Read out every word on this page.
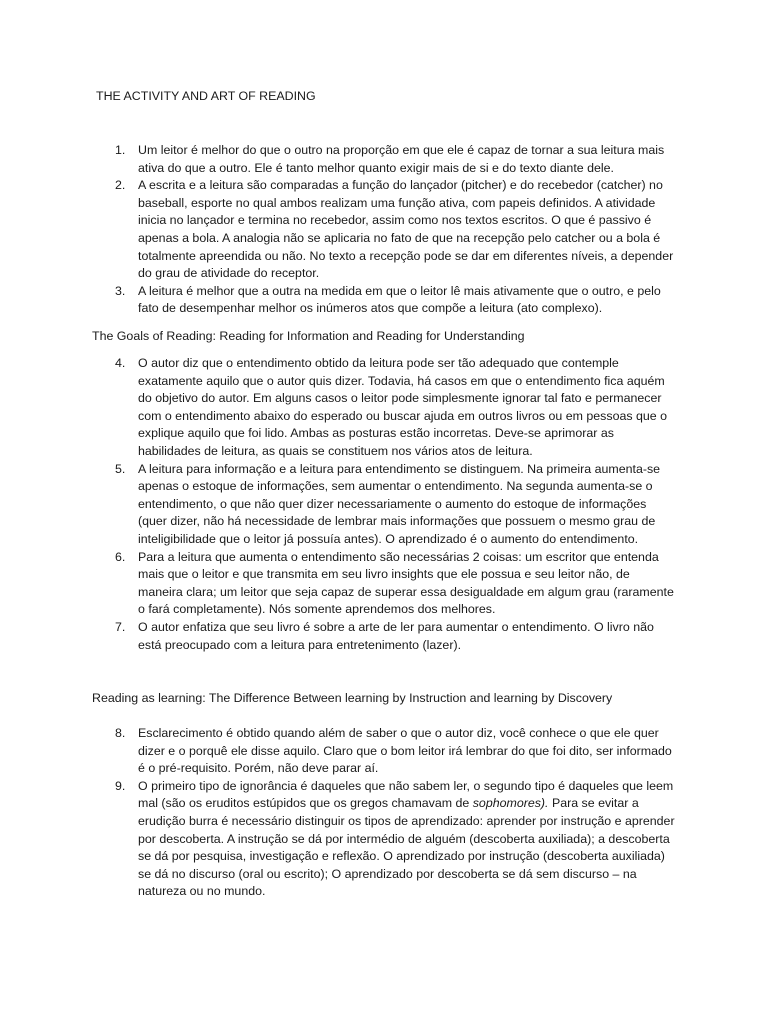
THE ACTIVITY AND ART OF READING
1. Um leitor é melhor do que o outro na proporção em que ele é capaz de tornar a sua leitura mais ativa do que a outro. Ele é tanto melhor quanto exigir mais de si e do texto diante dele.

2. A escrita e a leitura são comparadas a função do lançador (pitcher) e do recebedor (catcher) no baseball, esporte no qual ambos realizam uma função ativa, com papeis definidos. A atividade inicia no lançador e termina no recebedor, assim como nos textos escritos. O que é passivo é apenas a bola. A analogia não se aplicaria no fato de que na recepção pelo catcher ou a bola é totalmente apreendida ou não. No texto a recepção pode se dar em diferentes níveis, a depender do grau de atividade do receptor.

3. A leitura é melhor que a outra na medida em que o leitor lê mais ativamente que o outro, e pelo fato de desempenhar melhor os inúmeros atos que compõe a leitura (ato complexo).

The Goals of Reading: Reading for Information and Reading for Understanding
4. O autor diz que o entendimento obtido da leitura pode ser tão adequado que contemple exatamente aquilo que o autor quis dizer. Todavia, há casos em que o entendimento fica aquém do objetivo do autor. Em alguns casos o leitor pode simplesmente ignorar tal fato e permanecer com o entendimento abaixo do esperado ou buscar ajuda em outros livros ou em pessoas que o explique aquilo que foi lido. Ambas as posturas estão incorretas. Deve-se aprimorar as habilidades de leitura, as quais se constituem nos vários atos de leitura.

5. A leitura para informação e a leitura para entendimento se distinguem. Na primeira aumenta-se apenas o estoque de informações, sem aumentar o entendimento. Na segunda aumenta-se o entendimento, o que não quer dizer necessariamente o aumento do estoque de informações (quer dizer, não há necessidade de lembrar mais informações que possuem o mesmo grau de inteligibilidade que o leitor já possuía antes). O aprendizado é o aumento do entendimento.

6. Para a leitura que aumenta o entendimento são necessárias 2 coisas: um escritor que entenda mais que o leitor e que transmita em seu livro insights que ele possua e seu leitor não, de maneira clara; um leitor que seja capaz de superar essa desigualdade em algum grau (raramente o fará completamente). Nós somente aprendemos dos melhores.

7. O autor enfatiza que seu livro é sobre a arte de ler para aumentar o entendimento. O livro não está preocupado com a leitura para entretenimento (lazer).

Reading as learning: The Difference Between learning by Instruction and learning by Discovery
8. Esclarecimento é obtido quando além de saber o que o autor diz, você conhece o que ele quer dizer e o porquê ele disse aquilo. Claro que o bom leitor irá lembrar do que foi dito, ser informado é o pré-requisito. Porém, não deve parar aí.

9. O primeiro tipo de ignorância é daqueles que não sabem ler, o segundo tipo é daqueles que leem mal (são os eruditos estúpidos que os gregos chamavam de sophomores). Para se evitar a erudição burra é necessário distinguir os tipos de aprendizado: aprender por instrução e aprender por descoberta. A instrução se dá por intermédio de alguém (descoberta auxiliada); a descoberta se dá por pesquisa, investigação e reflexão. O aprendizado por instrução (descoberta auxiliada) se dá no discurso (oral ou escrito); O aprendizado por descoberta se dá sem discurso – na natureza ou no mundo.
